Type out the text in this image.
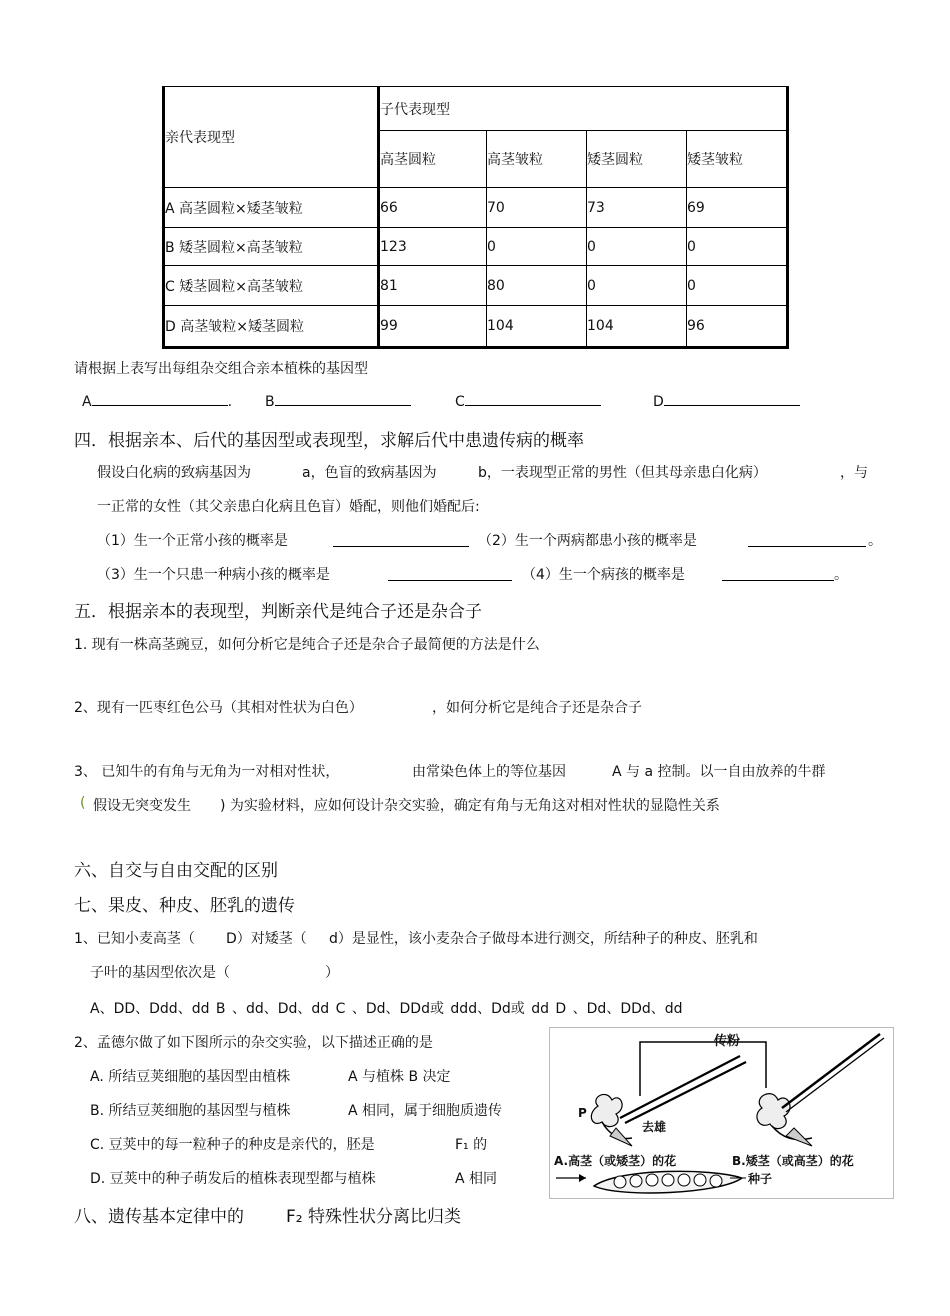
亲代表现型	子代表现型			
	高茎圆粒	高茎皱粒	矮茎圆粒	矮茎皱粒
A 高茎圆粒×矮茎皱粒	66	70	73	69
B 矮茎圆粒×高茎皱粒	123	0	0	0
C 矮茎圆粒×高茎皱粒	81	80	0	0
D 高茎皱粒×矮茎圆粒	99	104	104	96
请根据上表写出每组杂交组合亲本植株的基因型
A	. B	C	D
四．根据亲本、后代的基因型或表现型，求解后代中患遗传病的概率
假设白化病的致病基因为	a，色盲的致病基因为	b，一表现型正常的男性（但其母亲患白化病）	，与
一正常的女性（其父亲患白化病且色盲）婚配，则他们婚配后:
（1）生一个正常小孩的概率是	（2）生一个两病都患小孩的概率是	。
（3）生一个只患一种病小孩的概率是	（4）生一个病孩的概率是	。
五．根据亲本的表现型，判断亲代是纯合子还是杂合子
1. 现有一株高茎豌豆，如何分析它是纯合子还是杂合子最简便的方法是什么
2、现有一匹枣红色公马（其相对性状为白色）	，如何分析它是纯合子还是杂合子
3、 已知牛的有角与无角为一对相对性状，	由常染色体上的等位基因	A 与 a 控制。以一自由放养的牛群
( 假设无突变发生 ) 为实验材料，应如何设计杂交实验，确定有角与无角这对相对性状的显隐性关系
六、自交与自由交配的区别
七、果皮、种皮、胚乳的遗传
1、已知小麦高茎（ D）对矮茎（ d）是显性，该小麦杂合子做母本进行测交，所结种子的种皮、胚乳和
子叶的基因型依次是（	）
A、DD、Ddd、dd B 、dd、Dd、dd C 、Dd、DDd或 ddd、Dd或 dd D 、Dd、DDd、dd
2、孟德尔做了如下图所示的杂交实验，以下描述正确的是
A. 所结豆荚细胞的基因型由植株	A 与植株 B 决定
B. 所结豆荚细胞的基因型与植株	A 相同，属于细胞质遗传
C. 豆荚中的每一粒种子的种皮是亲代的，胚是	F₁ 的
D. 豆荚中的种子萌发后的植株表现型都与植株	A 相同
八、遗传基本定律中的 F₂ 特殊性状分离比归类
传粉
P
去雄
A.高茎（或矮茎）的花	B.矮茎（或高茎）的花
种子
